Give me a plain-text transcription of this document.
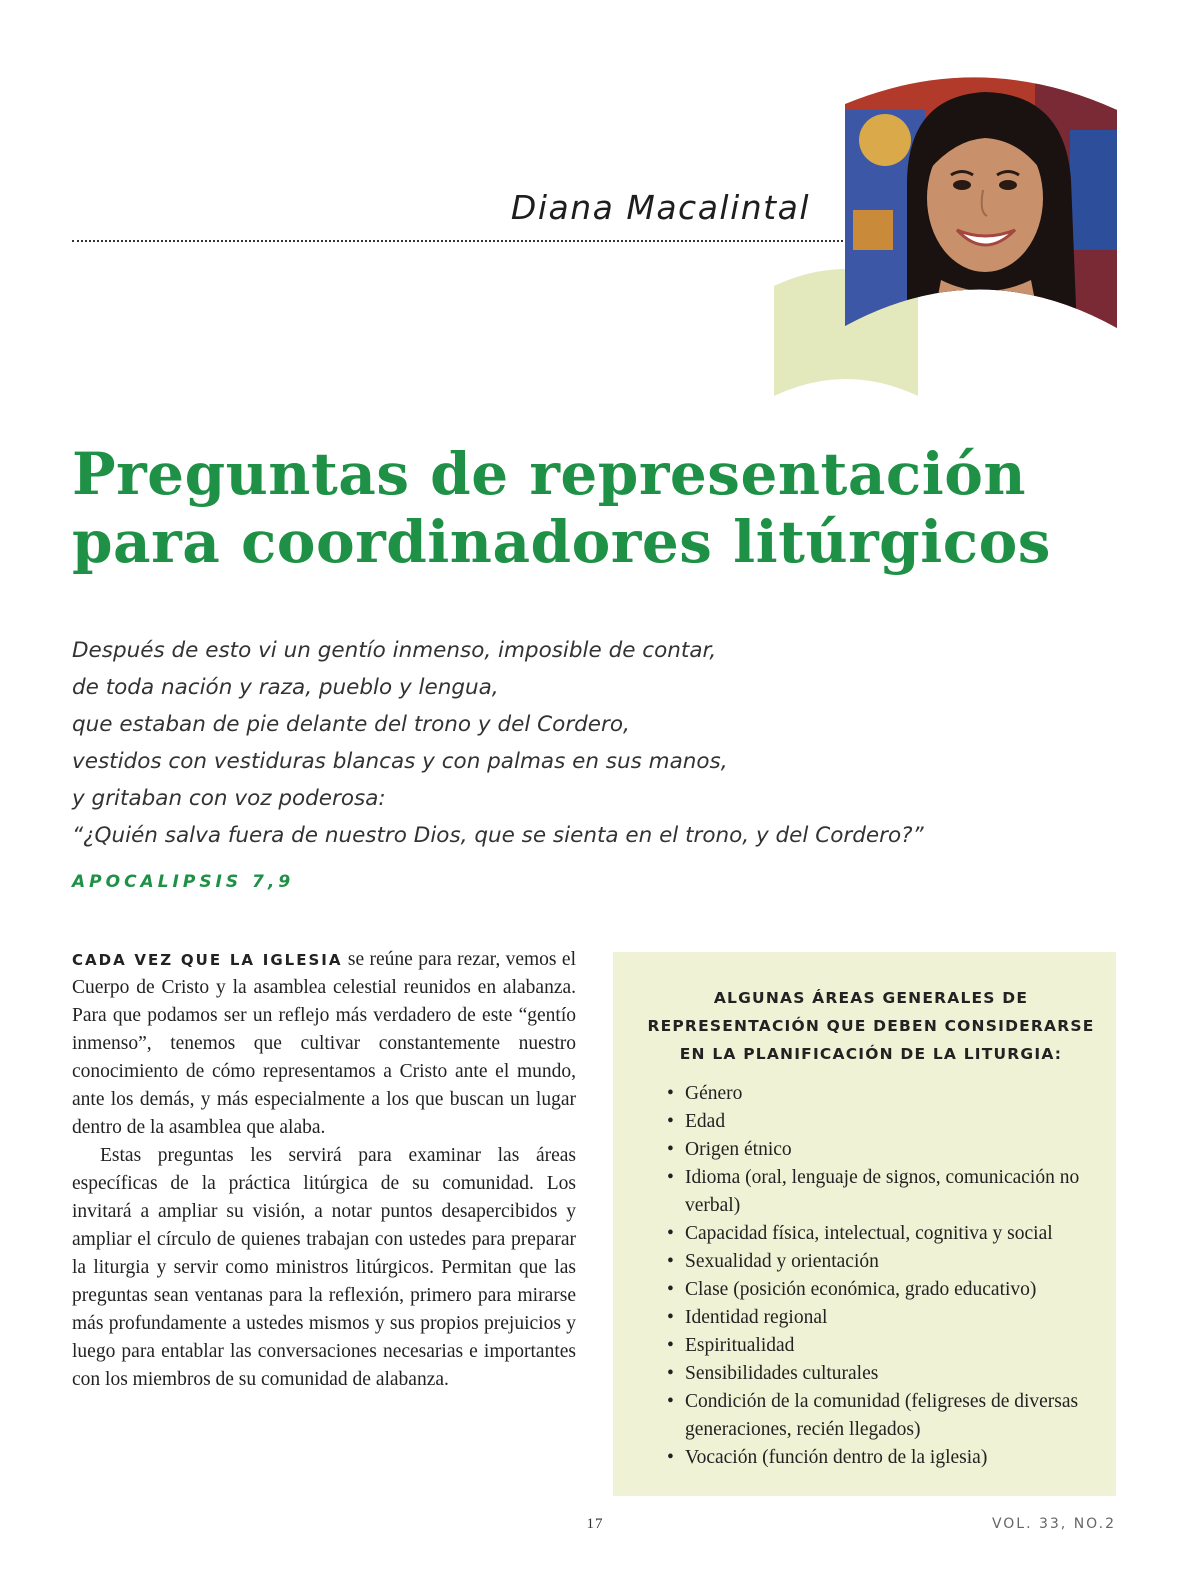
Diana Macalintal
Preguntas de representación
para coordinadores litúrgicos
Después de esto vi un gentío inmenso, imposible de contar,
de toda nación y raza, pueblo y lengua,
que estaban de pie delante del trono y del Cordero,
vestidos con vestiduras blancas y con palmas en sus manos,
y gritaban con voz poderosa:
“¿Quién salva fuera de nuestro Dios, que se sienta en el trono, y del Cordero?”
APOCALIPSIS 7,9

CADA VEZ QUE LA IGLESIA se reúne para rezar, vemos el Cuerpo de Cristo y la asamblea celestial reunidos en alabanza. Para que podamos ser un reflejo más verdadero de este “gentío inmenso”, tenemos que cultivar constantemente nuestro conocimiento de cómo representamos a Cristo ante el mundo, ante los demás, y más especialmente a los que buscan un lugar dentro de la asamblea que alaba.

Estas preguntas les servirá para examinar las áreas específicas de la práctica litúrgica de su comunidad. Los invitará a ampliar su visión, a notar puntos desapercibidos y ampliar el círculo de quienes trabajan con ustedes para preparar la liturgia y servir como ministros litúrgicos. Permitan que las preguntas sean ventanas para la reflexión, primero para mirarse más profundamente a ustedes mismos y sus propios prejuicios y luego para entablar las conversaciones necesarias e importantes con los miembros de su comunidad de alabanza.

ALGUNAS ÁREAS GENERALES DE REPRESENTACIÓN QUE DEBEN CONSIDERARSE EN LA PLANIFICACIÓN DE LA LITURGIA:
• Género
• Edad
• Origen étnico
• Idioma (oral, lenguaje de signos, comunicación no verbal)
• Capacidad física, intelectual, cognitiva y social
• Sexualidad y orientación
• Clase (posición económica, grado educativo)
• Identidad regional
• Espiritualidad
• Sensibilidades culturales
• Condición de la comunidad (feligreses de diversas generaciones, recién llegados)
• Vocación (función dentro de la iglesia)
17	VOL. 33, NO.2
